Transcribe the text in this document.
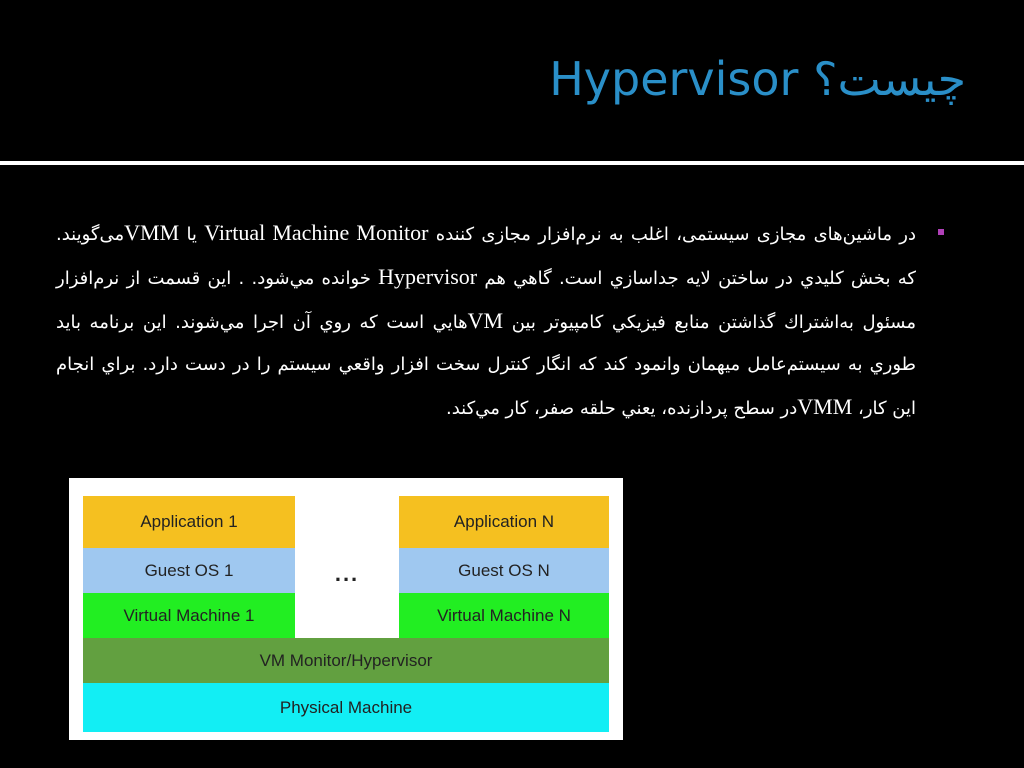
Hypervisor چیست؟
در ماشین‌های مجازی سیستمی، اغلب به نرم‌افزار مجازی کننده Virtual Machine Monitor یا VMMمی‌گویند. که بخش كليدي در ساختن لايه جداسازي است. گاهي هم Hypervisor خوانده مي‌شود. . اين قسمت از نرم‌افزار مسئول به‌اشتراك گذاشتن منابع فيزيكي كامپيوتر بين VMهايي است كه روي آن اجرا مي‌شوند. اين برنامه بايد طوري به سيستم‌عامل ميهمان وانمود كند كه انگار كنترل سخت افزار واقعي سيستم را در دست دارد. براي انجام اين كار، VMMدر سطح پردازنده، يعني حلقه صفر، كار مي‌كند.
Application 1	Application N
Guest OS 1	...	Guest OS N
Virtual Machine 1	Virtual Machine N
VM Monitor/Hypervisor
Physical Machine
